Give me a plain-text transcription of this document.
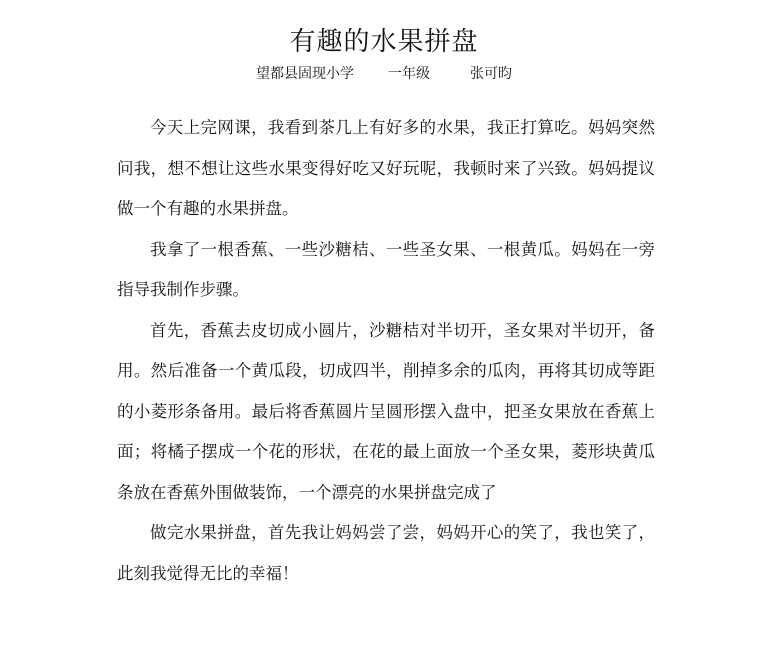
有趣的水果拼盘
望都县固现小学 一年级	张可昀

今天上完网课，我看到茶几上有好多的水果，我正打算吃。妈妈突然问我，想不想让这些水果变得好吃又好玩呢，我顿时来了兴致。妈妈提议做一个有趣的水果拼盘。

我拿了一根香蕉、一些沙糖桔、一些圣女果、一根黄瓜。妈妈在一旁指导我制作步骤。

首先，香蕉去皮切成小圆片，沙糖桔对半切开，圣女果对半切开，备用。然后准备一个黄瓜段，切成四半，削掉多余的瓜肉，再将其切成等距的小菱形条备用。最后将香蕉圆片呈圆形摆入盘中，把圣女果放在香蕉上面；将橘子摆成一个花的形状，在花的最上面放一个圣女果，菱形块黄瓜条放在香蕉外围做装饰，一个漂亮的水果拼盘完成了

做完水果拼盘，首先我让妈妈尝了尝，妈妈开心的笑了，我也笑了，此刻我觉得无比的幸福！
